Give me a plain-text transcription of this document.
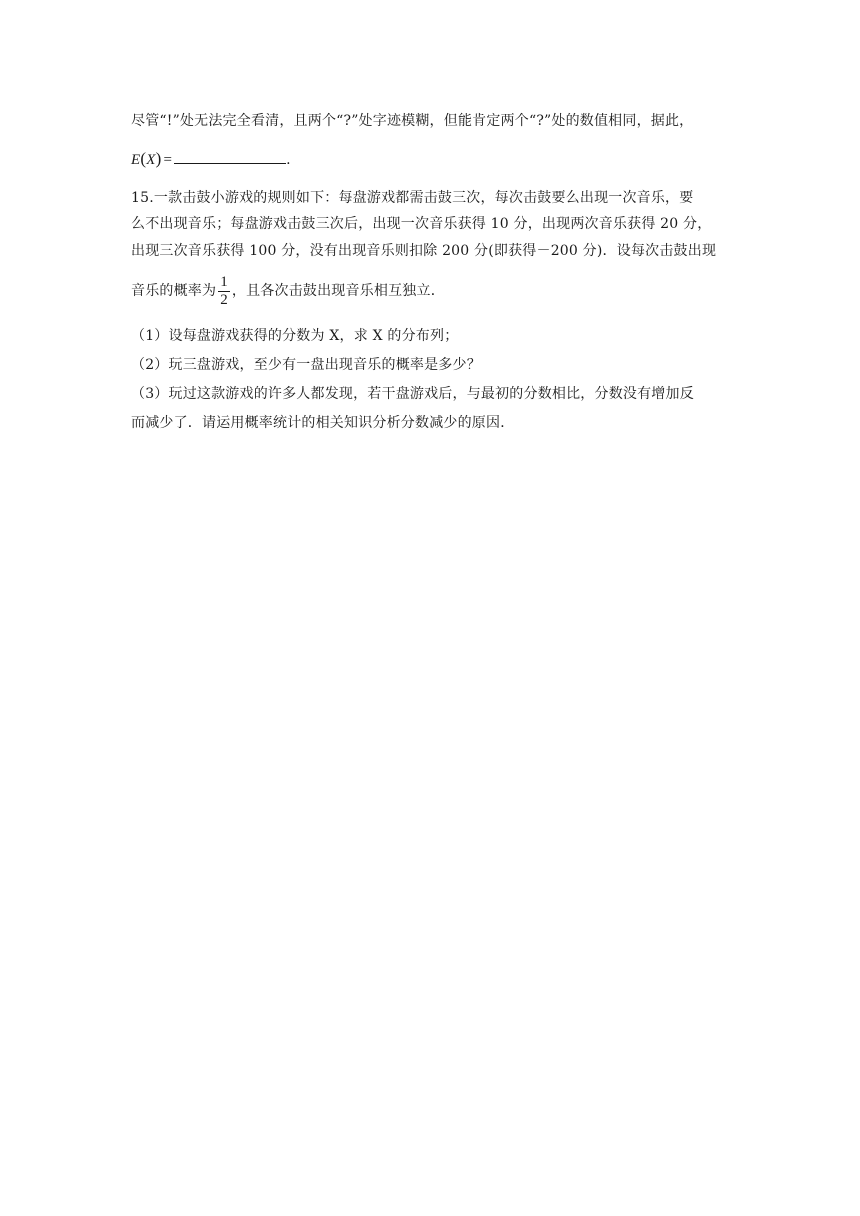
尽管“!”处无法完全看清，且两个“?”处字迹模糊，但能肯定两个“?”处的数值相同，据此，
E(X) =	.
15.一款击鼓小游戏的规则如下：每盘游戏都需击鼓三次，每次击鼓要么出现一次音乐，要
么不出现音乐；每盘游戏击鼓三次后，出现一次音乐获得 10 分，出现两次音乐获得 20 分，
出现三次音乐获得 100 分，没有出现音乐则扣除 200 分(即获得－200 分)．设每次击鼓出现
音乐的概率为 $\frac{1}{2}$ ，且各次击鼓出现音乐相互独立．
（1）设每盘游戏获得的分数为 X，求 X 的分布列；
（2）玩三盘游戏，至少有一盘出现音乐的概率是多少？
（3）玩过这款游戏的许多人都发现，若干盘游戏后，与最初的分数相比，分数没有增加反
而减少了．请运用概率统计的相关知识分析分数减少的原因．
